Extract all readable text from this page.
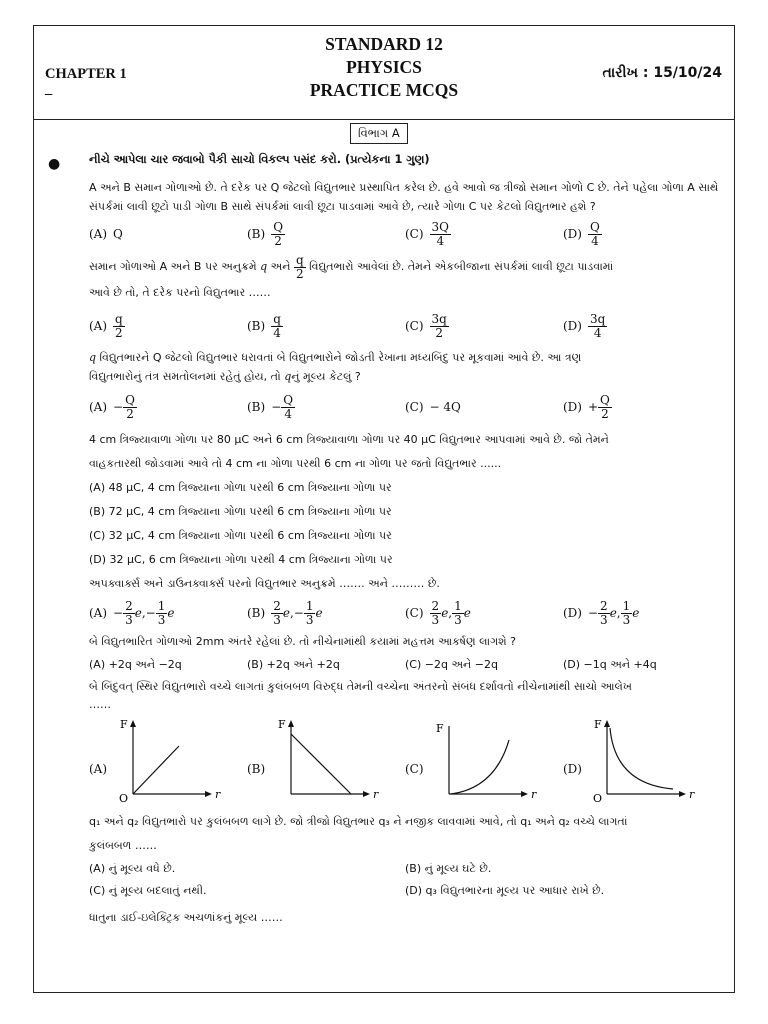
STANDARD 12
PHYSICS
PRACTICE MCQS
CHAPTER 1
–
તારીખ : 15/10/24
વિભાગ A
●	નીચે આપેલા ચાર જવાબો પૈકી સાચો વિકલ્પ પસંદ કરો. (પ્રત્યેકના 1 ગુણ)

A અને B સમાન ગોળાઓ છે. તે દરેક પર Q જેટલો વિદ્યુતભાર પ્રસ્થાપિત કરેલ છે. હવે આવો જ ત્રીજો સમાન ગોળો C છે. તેને પહેલા ગોળા A સાથે સંપર્કમાં લાવી છૂટો પાડી ગોળા B સાથે સંપર્કમાં લાવી છૂટા પાડવામાં આવે છે, ત્યારે ગોળા C પર કેટલો વિદ્યુતભાર હશે ?

(A) Q	$(B) \frac{Q}{2}$	$(C) \frac{3Q}{4}$	$(D) \frac{Q}{4}$
સમાન ગોળાઓ A અને B પર અનુક્રમે q અને $\frac{q}{2}$ વિદ્યુતભારો આવેલાં છે. તેમને એકબીજાના સંપર્કમાં લાવી છૂટા પાડવામાં
આવે છે તો, તે દરેક પરનો વિદ્યુતભાર ……
$(A) \frac{q}{2}$	$(B) \frac{q}{4}$	$(C) \frac{3q}{2}$	$(D) \frac{3q}{4}$
q વિદ્યુતભારને Q જેટલો વિદ્યુતભાર ધરાવતાં બે વિદ્યુતભારોને જોડતી રેખાના મધ્યબિંદુ પર મૂકવામાં આવે છે. આ ત્રણ
વિદ્યુતભારોનું તંત્ર સમતોલનમાં રહેતું હોય, તો qનું મૂલ્ય કેટલું ?
$(A) - \frac{Q}{2}$	$(B) - \frac{Q}{4}$	(C) − 4Q	$(D) + \frac{Q}{2}$
4 cm ત્રિજ્યાવાળા ગોળા પર 80 μC અને 6 cm ત્રિજ્યાવાળા ગોળા પર 40 μC વિદ્યુતભાર આપવામાં આવે છે. જો તેમને
વાહકતારથી જોડવામાં આવે તો 4 cm ના ગોળા પરથી 6 cm ના ગોળા પર જતો વિદ્યુતભાર ......
(A) 48 μC, 4 cm ત્રિજ્યાના ગોળા પરથી 6 cm ત્રિજ્યાના ગોળા પર
(B) 72 μC, 4 cm ત્રિજ્યાના ગોળા પરથી 6 cm ત્રિજ્યાના ગોળા પર
(C) 32 μC, 4 cm ત્રિજ્યાના ગોળા પરથી 6 cm ત્રિજ્યાના ગોળા પર
(D) 32 μC, 6 cm ત્રિજ્યાના ગોળા પરથી 4 cm ત્રિજ્યાના ગોળા પર
અપક્વાર્ક્સ અને ડાઉનક્વાર્ક્સ પરનો વિદ્યુતભાર અનુક્રમે ……. અને ……… છે.
$(A) - \frac{2}{3}$ e , − $\frac{1}{3}$ e	$(B) \frac{2}{3}$ e , − $\frac{1}{3}$ e	$(C) \frac{2}{3}$ e , $\frac{1}{3}$ e	$(D) - \frac{2}{3}$ e , $\frac{1}{3}$ e
બે વિદ્યુતભારિત ગોળાઓ 2mm અંતરે રહેલાં છે. તો નીચેનામાંથી કયામાં મહત્તમ આકર્ષણ લાગશે ?
(A) +2q અને −2q	(B) +2q અને +2q	(C) −2q અને −2q	(D) −1q અને +4q
બે બિંદુવત્ સ્થિર વિદ્યુતભારો વચ્ચે લાગતાં કુલંબબળ વિરુદ્ધ તેમની વચ્ચેના અંતરનો સંબંધ દર્શાવતો નીચેનામાંથી સાચો આલેખ
……
(A)
F
O	r
(B)
F
r
(C)
F
r
(D)
F
O	r
q₁ અને q₂ વિદ્યુતભારો પર કુલંબબળ લાગે છે. જો ત્રીજો વિદ્યુતભાર q₃ ને નજીક લાવવામાં આવે, તો q₁ અને q₂ વચ્ચે લાગતાં
કુલંબબળ ……
(A) નું મૂલ્ય વધે છે.	(B) નું મૂલ્ય ઘટે છે.
(C) નું મૂલ્ય બદલાતું નથી.	(D) q₃ વિદ્યુતભારના મૂલ્ય પર આધાર રાખે છે.
ધાતુના ડાઈ-ઇલેક્ટ્રિક અચળાંકનું મૂલ્ય ……
